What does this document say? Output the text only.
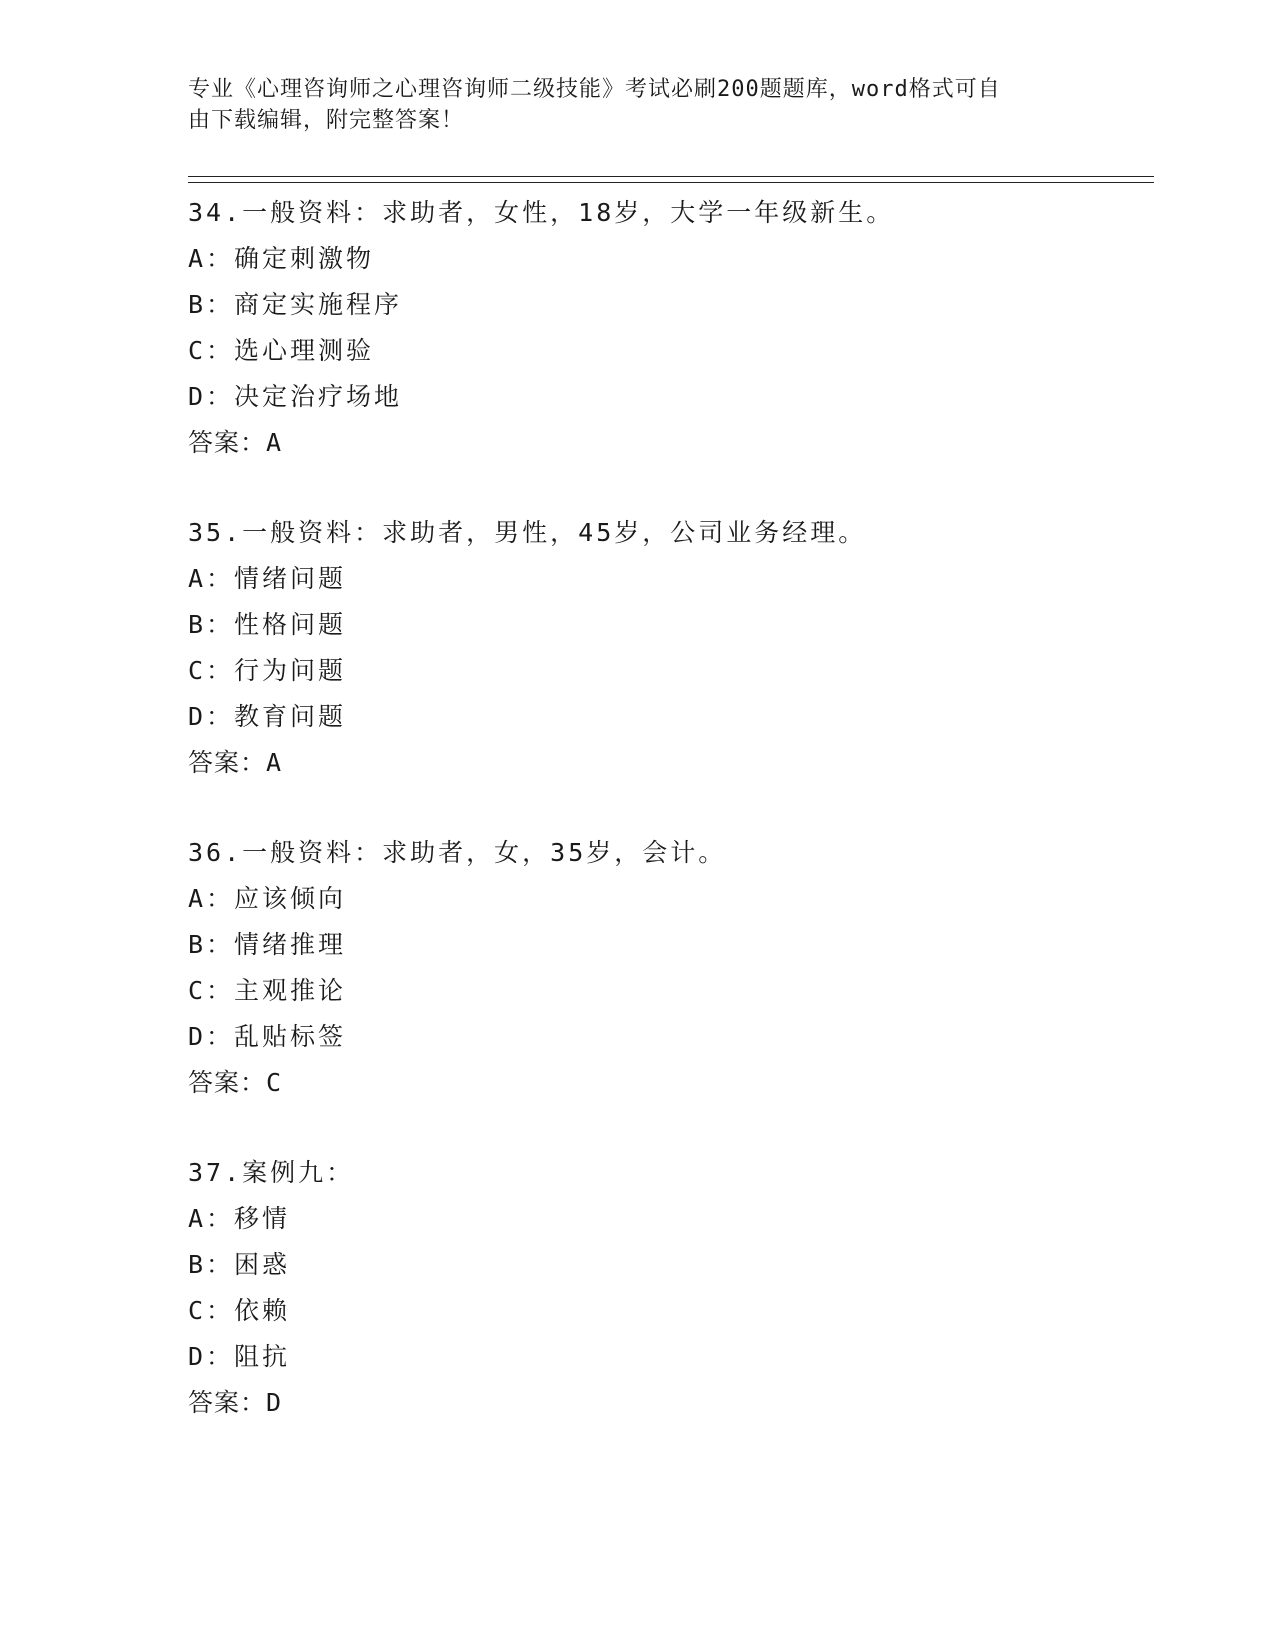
专业《心理咨询师之心理咨询师二级技能》考试必刷200题题库，word格式可自
由下载编辑，附完整答案！
34.一般资料：求助者，女性，18岁，大学一年级新生。
A：确定刺激物
B：商定实施程序
C：选心理测验
D：决定治疗场地
答案：A
35.一般资料：求助者，男性，45岁，公司业务经理。
A：情绪问题
B：性格问题
C：行为问题
D：教育问题
答案：A
36.一般资料：求助者，女，35岁，会计。
A：应该倾向
B：情绪推理
C：主观推论
D：乱贴标签
答案：C
37.案例九：
A：移情
B：困惑
C：依赖
D：阻抗
答案：D
